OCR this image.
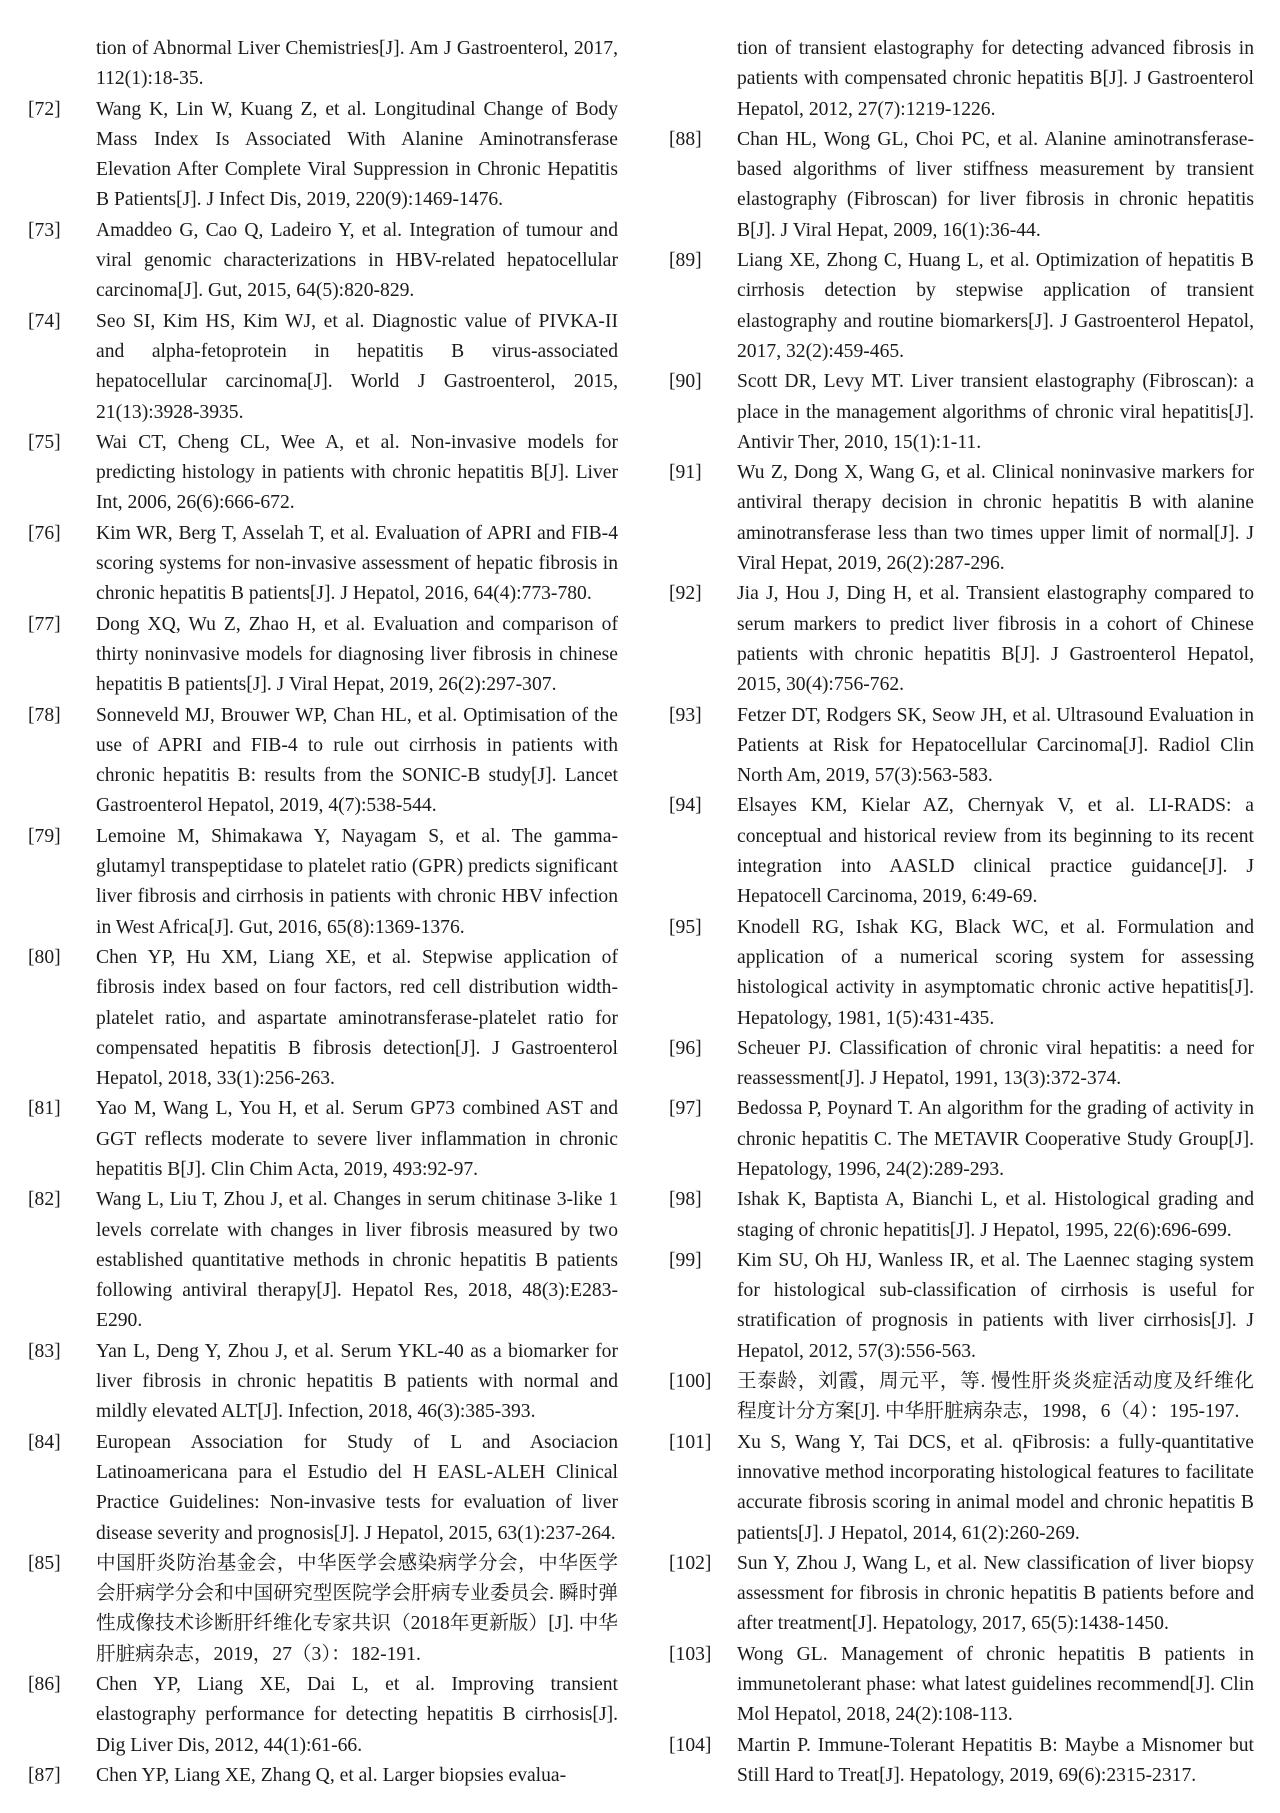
tion of Abnormal Liver Chemistries[J]. Am J Gastroenterol, 2017, 112(1):18-35.
[72]	Wang K, Lin W, Kuang Z, et al. Longitudinal Change of Body Mass Index Is Associated With Alanine Aminotransferase Elevation After Complete Viral Suppression in Chronic Hepatitis B Patients[J]. J Infect Dis, 2019, 220(9):1469-1476.
[73]	Amaddeo G, Cao Q, Ladeiro Y, et al. Integration of tumour and viral genomic characterizations in HBV-related hepatocellular carcinoma[J]. Gut, 2015, 64(5):820-829.
[74]	Seo SI, Kim HS, Kim WJ, et al. Diagnostic value of PIVKA-II and alpha-fetoprotein in hepatitis B virus-associated hepatocellular carcinoma[J]. World J Gastroenterol, 2015, 21(13):3928-3935.
[75]	Wai CT, Cheng CL, Wee A, et al. Non-invasive models for predicting histology in patients with chronic hepatitis B[J]. Liver Int, 2006, 26(6):666-672.
[76]	Kim WR, Berg T, Asselah T, et al. Evaluation of APRI and FIB-4 scoring systems for non-invasive assessment of hepatic fibrosis in chronic hepatitis B patients[J]. J Hepatol, 2016, 64(4):773-780.
[77]	Dong XQ, Wu Z, Zhao H, et al. Evaluation and comparison of thirty noninvasive models for diagnosing liver fibrosis in chinese hepatitis B patients[J]. J Viral Hepat, 2019, 26(2):297-307.
[78]	Sonneveld MJ, Brouwer WP, Chan HL, et al. Optimisation of the use of APRI and FIB-4 to rule out cirrhosis in patients with chronic hepatitis B: results from the SONIC-B study[J]. Lancet Gastroenterol Hepatol, 2019, 4(7):538-544.
[79]	Lemoine M, Shimakawa Y, Nayagam S, et al. The gamma-glutamyl transpeptidase to platelet ratio (GPR) predicts significant liver fibrosis and cirrhosis in patients with chronic HBV infection in West Africa[J]. Gut, 2016, 65(8):1369-1376.
[80]	Chen YP, Hu XM, Liang XE, et al. Stepwise application of fibrosis index based on four factors, red cell distribution width-platelet ratio, and aspartate aminotransferase-platelet ratio for compensated hepatitis B fibrosis detection[J]. J Gastroenterol Hepatol, 2018, 33(1):256-263.
[81]	Yao M, Wang L, You H, et al. Serum GP73 combined AST and GGT reflects moderate to severe liver inflammation in chronic hepatitis B[J]. Clin Chim Acta, 2019, 493:92-97.
[82]	Wang L, Liu T, Zhou J, et al. Changes in serum chitinase 3-like 1 levels correlate with changes in liver fibrosis measured by two established quantitative methods in chronic hepatitis B patients following antiviral therapy[J]. Hepatol Res, 2018, 48(3):E283-E290.
[83]	Yan L, Deng Y, Zhou J, et al. Serum YKL-40 as a biomarker for liver fibrosis in chronic hepatitis B patients with normal and mildly elevated ALT[J]. Infection, 2018, 46(3):385-393.
[84]	European Association for Study of L and Asociacion Latinoamericana para el Estudio del H EASL-ALEH Clinical Practice Guidelines: Non-invasive tests for evaluation of liver disease severity and prognosis[J]. J Hepatol, 2015, 63(1):237-264.
[85]	中国肝炎防治基金会，中华医学会感染病学分会，中华医学会肝病学分会和中国研究型医院学会肝病专业委员会. 瞬时弹性成像技术诊断肝纤维化专家共识（2018年更新版）[J]. 中华肝脏病杂志，2019，27（3）：182-191.
[86]	Chen YP, Liang XE, Dai L, et al. Improving transient elastography performance for detecting hepatitis B cirrhosis[J]. Dig Liver Dis, 2012, 44(1):61-66.
[87]	Chen YP, Liang XE, Zhang Q, et al. Larger biopsies evalua-
tion of transient elastography for detecting advanced fibrosis in patients with compensated chronic hepatitis B[J]. J Gastroenterol Hepatol, 2012, 27(7):1219-1226.
[88]	Chan HL, Wong GL, Choi PC, et al. Alanine aminotransferase-based algorithms of liver stiffness measurement by transient elastography (Fibroscan) for liver fibrosis in chronic hepatitis B[J]. J Viral Hepat, 2009, 16(1):36-44.
[89]	Liang XE, Zhong C, Huang L, et al. Optimization of hepatitis B cirrhosis detection by stepwise application of transient elastography and routine biomarkers[J]. J Gastroenterol Hepatol, 2017, 32(2):459-465.
[90]	Scott DR, Levy MT. Liver transient elastography (Fibroscan): a place in the management algorithms of chronic viral hepatitis[J]. Antivir Ther, 2010, 15(1):1-11.
[91]	Wu Z, Dong X, Wang G, et al. Clinical noninvasive markers for antiviral therapy decision in chronic hepatitis B with alanine aminotransferase less than two times upper limit of normal[J]. J Viral Hepat, 2019, 26(2):287-296.
[92]	Jia J, Hou J, Ding H, et al. Transient elastography compared to serum markers to predict liver fibrosis in a cohort of Chinese patients with chronic hepatitis B[J]. J Gastroenterol Hepatol, 2015, 30(4):756-762.
[93]	Fetzer DT, Rodgers SK, Seow JH, et al. Ultrasound Evaluation in Patients at Risk for Hepatocellular Carcinoma[J]. Radiol Clin North Am, 2019, 57(3):563-583.
[94]	Elsayes KM, Kielar AZ, Chernyak V, et al. LI-RADS: a conceptual and historical review from its beginning to its recent integration into AASLD clinical practice guidance[J]. J Hepatocell Carcinoma, 2019, 6:49-69.
[95]	Knodell RG, Ishak KG, Black WC, et al. Formulation and application of a numerical scoring system for assessing histological activity in asymptomatic chronic active hepatitis[J]. Hepatology, 1981, 1(5):431-435.
[96]	Scheuer PJ. Classification of chronic viral hepatitis: a need for reassessment[J]. J Hepatol, 1991, 13(3):372-374.
[97]	Bedossa P, Poynard T. An algorithm for the grading of activity in chronic hepatitis C. The METAVIR Cooperative Study Group[J]. Hepatology, 1996, 24(2):289-293.
[98]	Ishak K, Baptista A, Bianchi L, et al. Histological grading and staging of chronic hepatitis[J]. J Hepatol, 1995, 22(6):696-699.
[99]	Kim SU, Oh HJ, Wanless IR, et al. The Laennec staging system for histological sub-classification of cirrhosis is useful for stratification of prognosis in patients with liver cirrhosis[J]. J Hepatol, 2012, 57(3):556-563.
[100]	王泰龄，刘霞，周元平，等. 慢性肝炎炎症活动度及纤维化程度计分方案[J]. 中华肝脏病杂志，1998，6（4）：195-197.
[101]	Xu S, Wang Y, Tai DCS, et al. qFibrosis: a fully-quantitative innovative method incorporating histological features to facilitate accurate fibrosis scoring in animal model and chronic hepatitis B patients[J]. J Hepatol, 2014, 61(2):260-269.
[102]	Sun Y, Zhou J, Wang L, et al. New classification of liver biopsy assessment for fibrosis in chronic hepatitis B patients before and after treatment[J]. Hepatology, 2017, 65(5):1438-1450.
[103]	Wong GL. Management of chronic hepatitis B patients in immunetolerant phase: what latest guidelines recommend[J]. Clin Mol Hepatol, 2018, 24(2):108-113.
[104]	Martin P. Immune-Tolerant Hepatitis B: Maybe a Misnomer but Still Hard to Treat[J]. Hepatology, 2019, 69(6):2315-2317.
